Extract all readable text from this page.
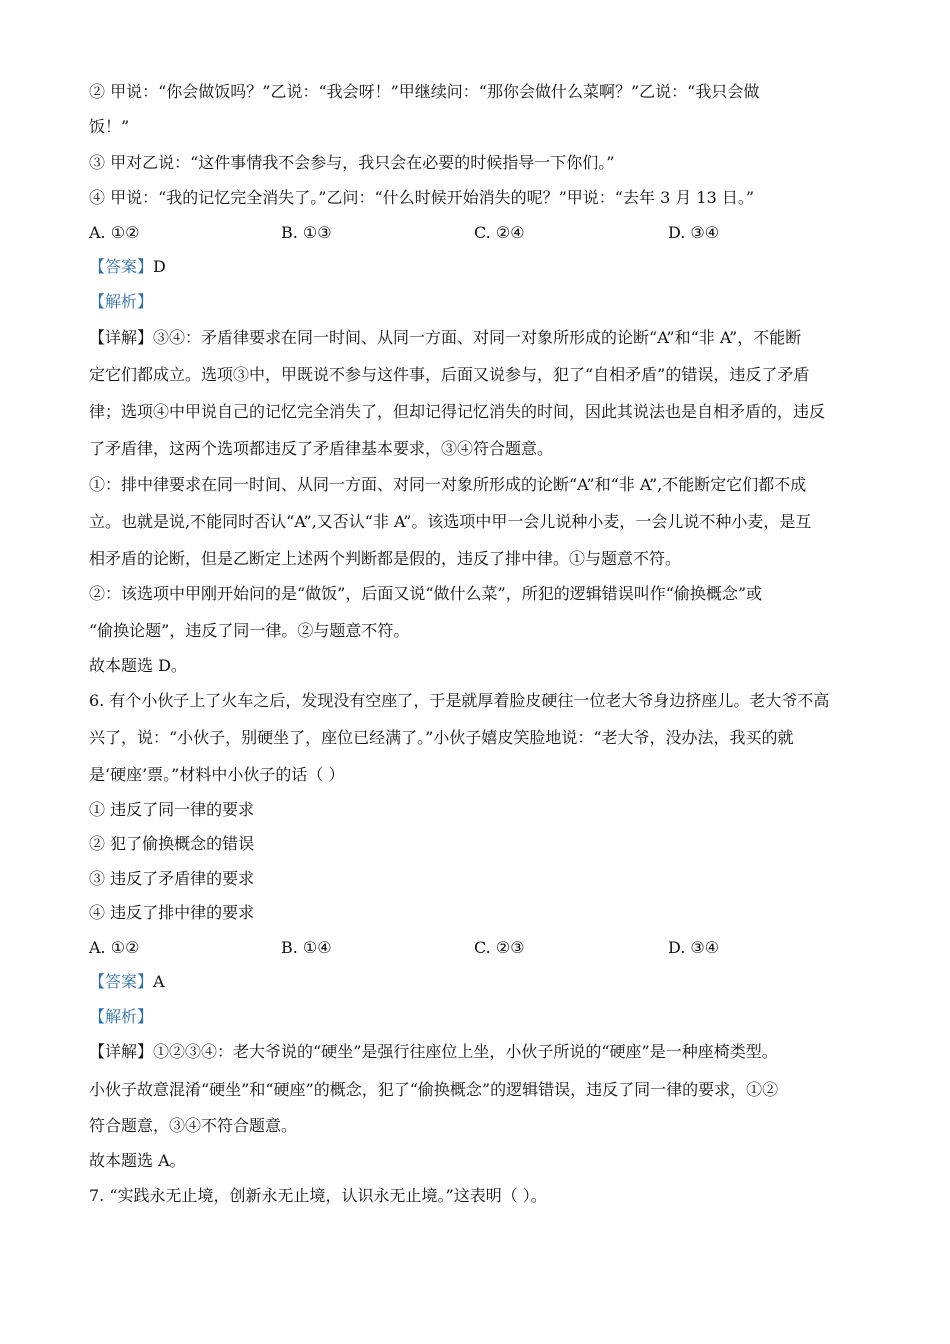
② 甲说：“你会做饭吗？”乙说：“我会呀！”甲继续问：“那你会做什么菜啊？”乙说：“我只会做
饭！”
③ 甲对乙说：“这件事情我不会参与，我只会在必要的时候指导一下你们。”
④ 甲说：“我的记忆完全消失了。”乙问：“什么时候开始消失的呢？”甲说：“去年 3 月 13 日。”
A. ①②	B. ①③	C. ②④	D. ③④
【答案】D
【解析】
【详解】③④：矛盾律要求在同一时间、从同一方面、对同一对象所形成的论断“A”和“非 A”，不能断
定它们都成立。选项③中，甲既说不参与这件事，后面又说参与，犯了“自相矛盾”的错误，违反了矛盾
律；选项④中甲说自己的记忆完全消失了，但却记得记忆消失的时间，因此其说法也是自相矛盾的，违反
了矛盾律，这两个选项都违反了矛盾律基本要求，③④符合题意。
①：排中律要求在同一时间、从同一方面、对同一对象所形成的论断“A”和“非 A”,不能断定它们都不成
立。也就是说,不能同时否认“A”,又否认“非 A”。该选项中甲一会儿说种小麦，一会儿说不种小麦，是互
相矛盾的论断，但是乙断定上述两个判断都是假的，违反了排中律。①与题意不符。
②：该选项中甲刚开始问的是“做饭”，后面又说“做什么菜”，所犯的逻辑错误叫作“偷换概念”或
“偷换论题”，违反了同一律。②与题意不符。
故本题选 D。
6. 有个小伙子上了火车之后，发现没有空座了，于是就厚着脸皮硬往一位老大爷身边挤座儿。老大爷不高
兴了，说：“小伙子，别硬坐了，座位已经满了。”小伙子嬉皮笑脸地说：“老大爷，没办法，我买的就
是‘硬座’票。”材料中小伙子的话（ ）
① 违反了同一律的要求
② 犯了偷换概念的错误
③ 违反了矛盾律的要求
④ 违反了排中律的要求
A. ①②	B. ①④	C. ②③	D. ③④
【答案】A
【解析】
【详解】①②③④：老大爷说的“硬坐”是强行往座位上坐，小伙子所说的“硬座”是一种座椅类型。
小伙子故意混淆“硬坐”和“硬座”的概念，犯了“偷换概念”的逻辑错误，违反了同一律的要求，①②
符合题意，③④不符合题意。
故本题选 A。
7. “实践永无止境，创新永无止境，认识永无止境。”这表明（ ）。
